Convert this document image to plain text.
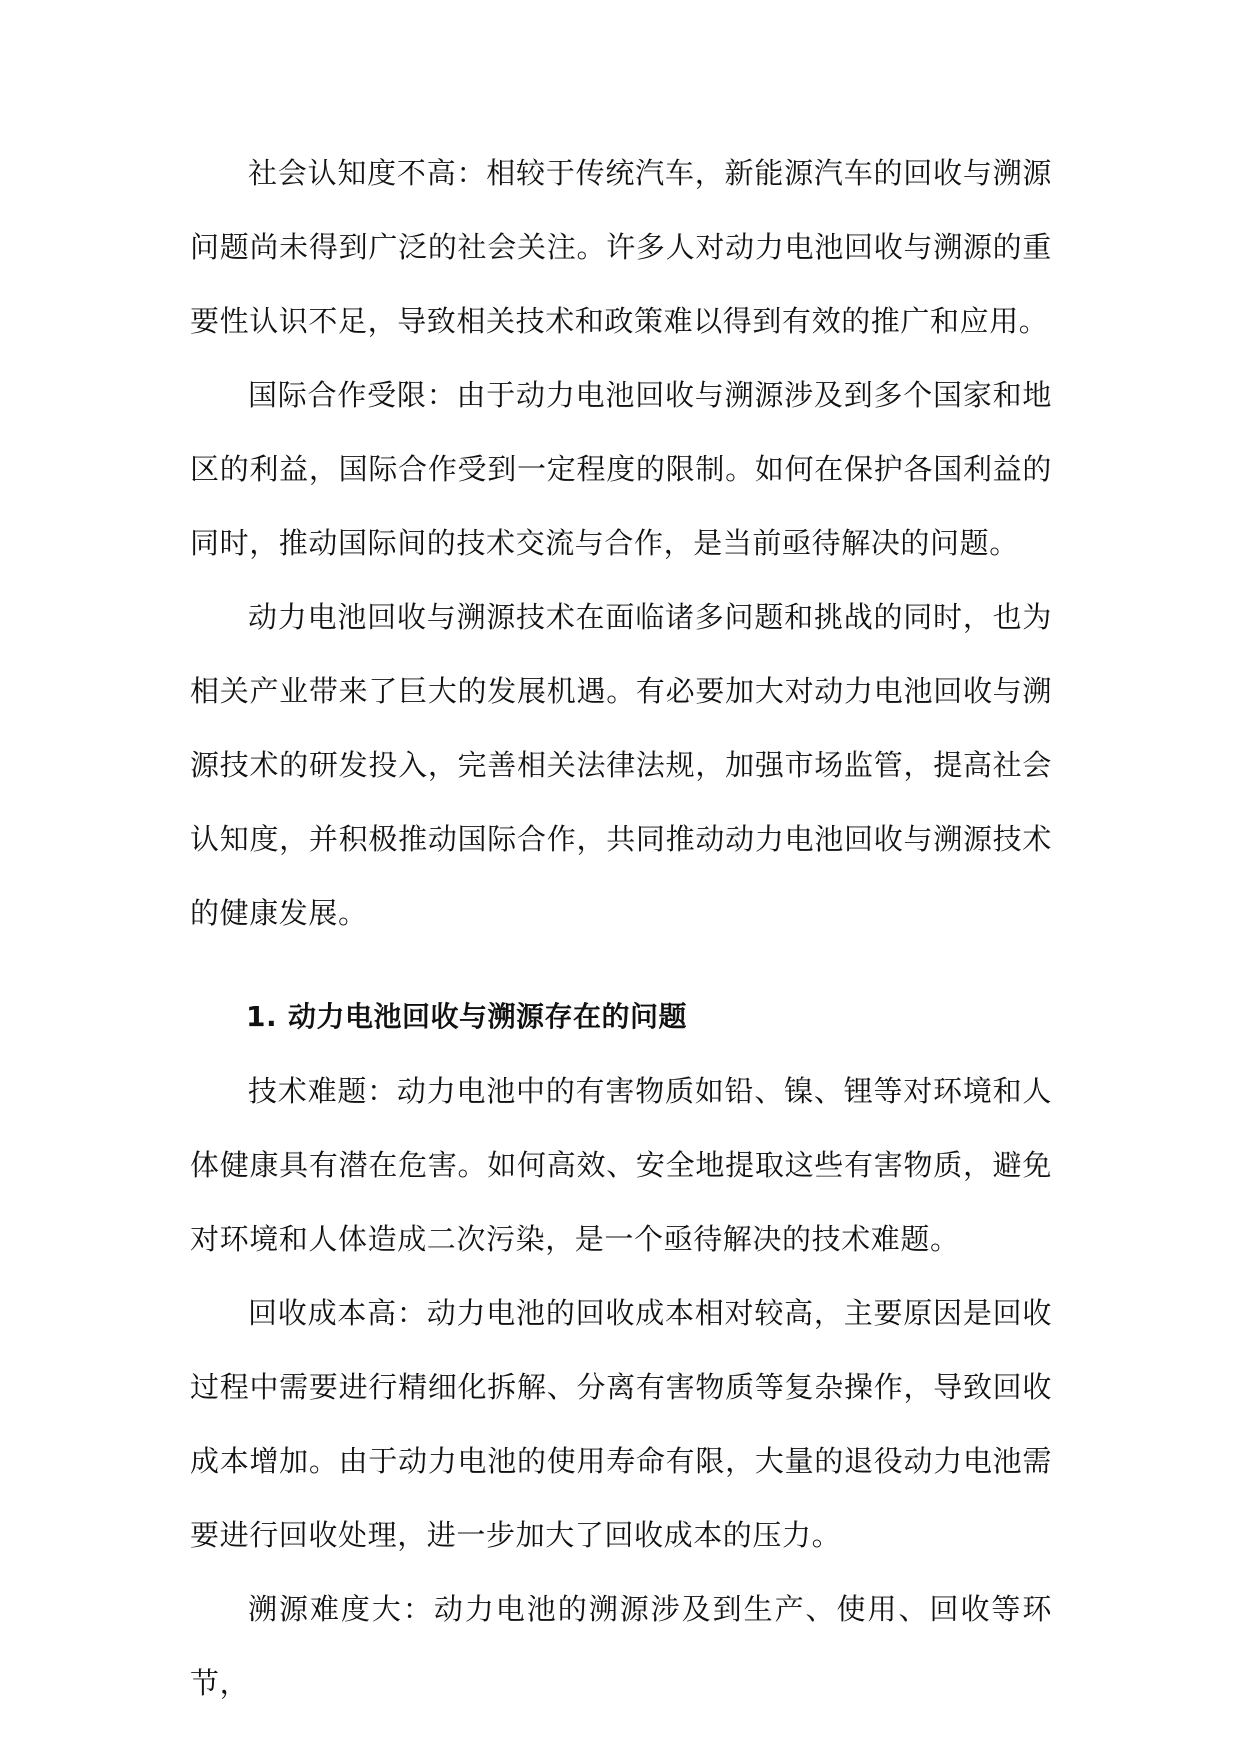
社会认知度不高：相较于传统汽车，新能源汽车的回收与溯源问题尚未得到广泛的社会关注。许多人对动力电池回收与溯源的重要性认识不足，导致相关技术和政策难以得到有效的推广和应用。

国际合作受限：由于动力电池回收与溯源涉及到多个国家和地区的利益，国际合作受到一定程度的限制。如何在保护各国利益的同时，推动国际间的技术交流与合作，是当前亟待解决的问题。

动力电池回收与溯源技术在面临诸多问题和挑战的同时，也为相关产业带来了巨大的发展机遇。有必要加大对动力电池回收与溯源技术的研发投入，完善相关法律法规，加强市场监管，提高社会认知度，并积极推动国际合作，共同推动动力电池回收与溯源技术的健康发展。

1. 动力电池回收与溯源存在的问题

技术难题：动力电池中的有害物质如铅、镍、锂等对环境和人体健康具有潜在危害。如何高效、安全地提取这些有害物质，避免对环境和人体造成二次污染，是一个亟待解决的技术难题。

回收成本高：动力电池的回收成本相对较高，主要原因是回收过程中需要进行精细化拆解、分离有害物质等复杂操作，导致回收成本增加。由于动力电池的使用寿命有限，大量的退役动力电池需要进行回收处理，进一步加大了回收成本的压力。

溯源难度大：动力电池的溯源涉及到生产、使用、回收等环节，
